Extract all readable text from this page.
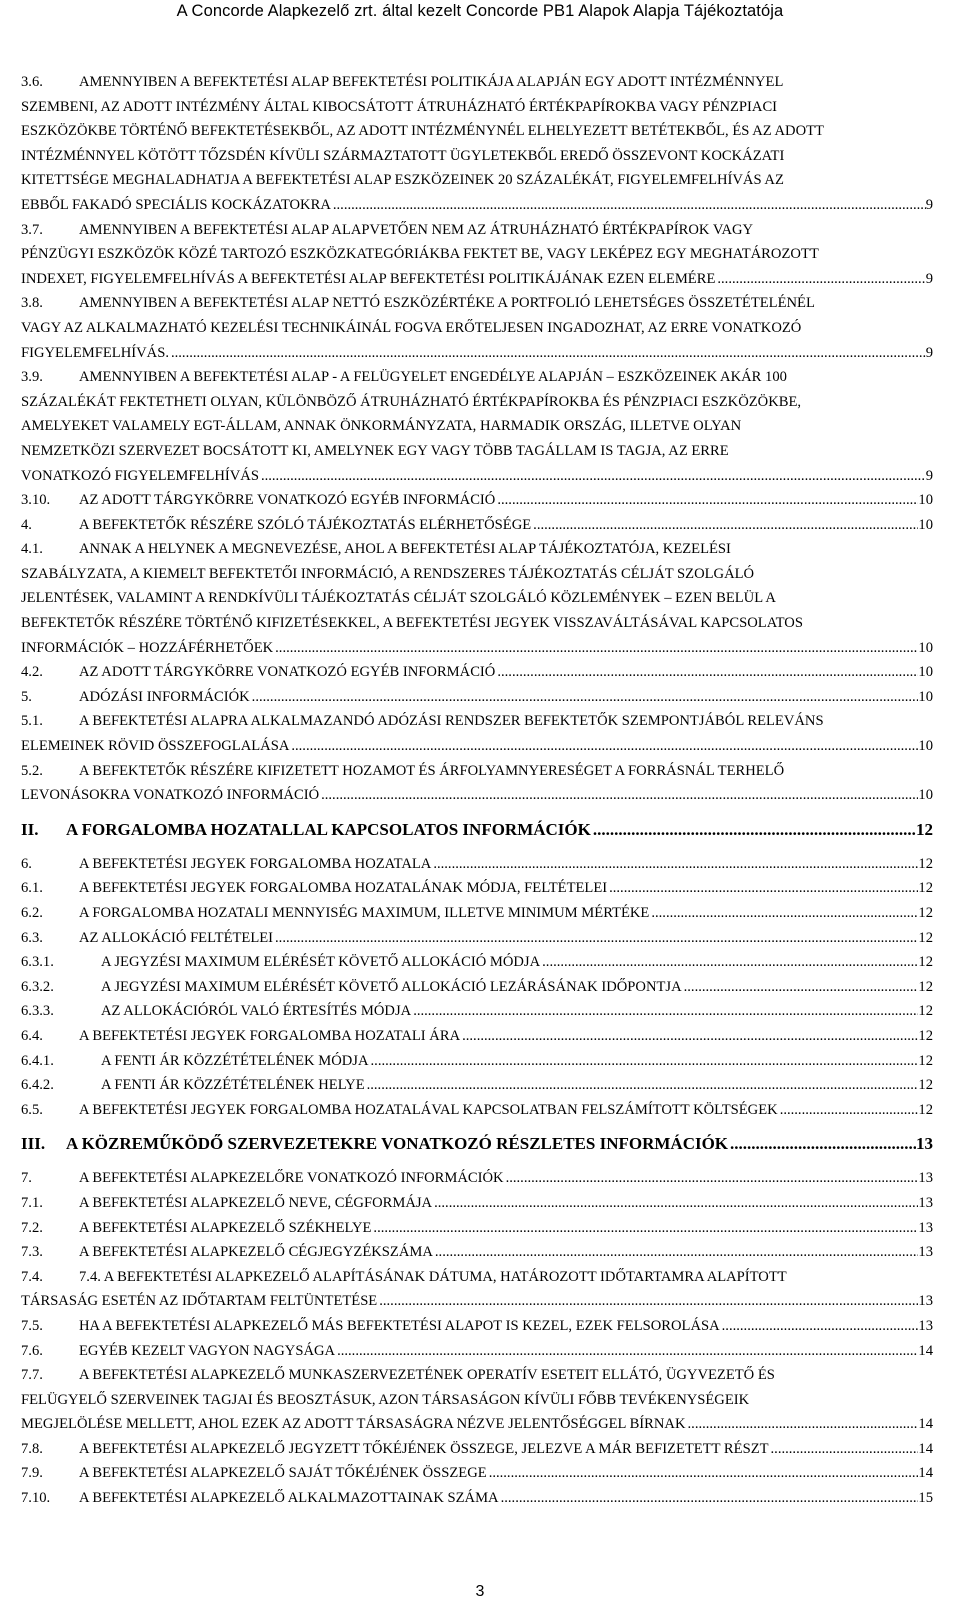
A Concorde Alapkezelő zrt. által kezelt Concorde PB1 Alapok Alapja Tájékoztatója
3.6.	AMENNYIBEN A BEFEKTETÉSI ALAP BEFEKTETÉSI POLITIKÁJA ALAPJÁN EGY ADOTT INTÉZMÉNNYEL
SZEMBENI, AZ ADOTT INTÉZMÉNY ÁLTAL KIBOCSÁTOTT ÁTRUHÁZHATÓ ÉRTÉKPAPÍROKBA VAGY PÉNZPIACI
ESZKÖZÖKBE TÖRTÉNŐ BEFEKTETÉSEKBŐL, AZ ADOTT INTÉZMÉNYNÉL ELHELYEZETT BETÉTEKBŐL, ÉS AZ ADOTT
INTÉZMÉNNYEL KÖTÖTT TŐZSDÉN KÍVÜLI SZÁRMAZTATOTT ÜGYLETEKBŐL EREDŐ ÖSSZEVONT KOCKÁZATI
KITETTSÉGE MEGHALADHATJA A BEFEKTETÉSI ALAP ESZKÖZEINEK 20 SZÁZALÉKÁT, FIGYELEMFELHÍVÁS AZ
EBBŐL FAKADÓ SPECIÁLIS KOCKÁZATOKRA .....	9
3.7.	AMENNYIBEN A BEFEKTETÉSI ALAP ALAPVETŐEN NEM AZ ÁTRUHÁZHATÓ ÉRTÉKPAPÍROK VAGY
PÉNZÜGYI ESZKÖZÖK KÖZÉ TARTOZÓ ESZKÖZKATEGÓRIÁKBA FEKTET BE, VAGY LEKÉPEZ EGY MEGHATÁROZOTT
INDEXET, FIGYELEMFELHÍVÁS A BEFEKTETÉSI ALAP BEFEKTETÉSI POLITIKÁJÁNAK EZEN ELEMÉRE .....	9
3.8.	AMENNYIBEN A BEFEKTETÉSI ALAP NETTÓ ESZKÖZÉRTÉKE A PORTFOLIÓ LEHETSÉGES ÖSSZETÉTELÉNÉL
VAGY AZ ALKALMAZHATÓ KEZELÉSI TECHNIKÁINÁL FOGVA ERŐTELJESEN INGADOZHAT, AZ ERRE VONATKOZÓ
FIGYELEMFELHÍVÁS. .....	9
3.9.	AMENNYIBEN A BEFEKTETÉSI ALAP - A FELÜGYELET ENGEDÉLYE ALAPJÁN – ESZKÖZEINEK AKÁR 100
SZÁZALÉKÁT FEKTETHETI OLYAN, KÜLÖNBÖZŐ ÁTRUHÁZHATÓ ÉRTÉKPAPÍROKBA ÉS PÉNZPIACI ESZKÖZÖKBE,
AMELYEKET VALAMELY EGT-ÁLLAM, ANNAK ÖNKORMÁNYZATA, HARMADIK ORSZÁG, ILLETVE OLYAN
NEMZETKÖZI SZERVEZET BOCSÁTOTT KI, AMELYNEK EGY VAGY TÖBB TAGÁLLAM IS TAGJA, AZ ERRE
VONATKOZÓ FIGYELEMFELHÍVÁS .....	9
3.10.	AZ ADOTT TÁRGYKÖRRE VONATKOZÓ EGYÉB INFORMÁCIÓ .....	10
4.	A BEFEKTETŐK RÉSZÉRE SZÓLÓ TÁJÉKOZTATÁS ELÉRHETŐSÉGE .....	10
4.1.	ANNAK A HELYNEK A MEGNEVEZÉSE, AHOL A BEFEKTETÉSI ALAP TÁJÉKOZTATÓJA, KEZELÉSI
SZABÁLYZATA, A KIEMELT BEFEKTETŐI INFORMÁCIÓ, A RENDSZERES TÁJÉKOZTATÁS CÉLJÁT SZOLGÁLÓ
JELENTÉSEK, VALAMINT A RENDKÍVÜLI TÁJÉKOZTATÁS CÉLJÁT SZOLGÁLÓ KÖZLEMÉNYEK – EZEN BELÜL A
BEFEKTETŐK RÉSZÉRE TÖRTÉNŐ KIFIZETÉSEKKEL, A BEFEKTETÉSI JEGYEK VISSZAVÁLTÁSÁVAL KAPCSOLATOS
INFORMÁCIÓK – HOZZÁFÉRHETŐEK .....	10
4.2.	AZ ADOTT TÁRGYKÖRRE VONATKOZÓ EGYÉB INFORMÁCIÓ .....	10
5.	ADÓZÁSI INFORMÁCIÓK .....	10
5.1.	A BEFEKTETÉSI ALAPRA ALKALMAZANDÓ ADÓZÁSI RENDSZER BEFEKTETŐK SZEMPONTJÁBÓL RELEVÁNS
ELEMEINEK RÖVID ÖSSZEFOGLALÁSA .....	10
5.2.	A BEFEKTETŐK RÉSZÉRE KIFIZETETT HOZAMOT ÉS ÁRFOLYAMNYERESÉGET A FORRÁSNÁL TERHELŐ
LEVONÁSOKRA VONATKOZÓ INFORMÁCIÓ .....	10
II.	A FORGALOMBA HOZATALLAL KAPCSOLATOS INFORMÁCIÓK .....	12
6.	A BEFEKTETÉSI JEGYEK FORGALOMBA HOZATALA .....	12
6.1.	A BEFEKTETÉSI JEGYEK FORGALOMBA HOZATALÁNAK MÓDJA, FELTÉTELEI .....	12
6.2.	A FORGALOMBA HOZATALI MENNYISÉG MAXIMUM, ILLETVE MINIMUM MÉRTÉKE .....	12
6.3.	AZ ALLOKÁCIÓ FELTÉTELEI .....	12
6.3.1.	A JEGYZÉSI MAXIMUM ELÉRÉSÉT KÖVETŐ ALLOKÁCIÓ MÓDJA .....	12
6.3.2.	A JEGYZÉSI MAXIMUM ELÉRÉSÉT KÖVETŐ ALLOKÁCIÓ LEZÁRÁSÁNAK IDŐPONTJA .....	12
6.3.3.	AZ ALLOKÁCIÓRÓL VALÓ ÉRTESÍTÉS MÓDJA .....	12
6.4.	A BEFEKTETÉSI JEGYEK FORGALOMBA HOZATALI ÁRA .....	12
6.4.1.	A FENTI ÁR KÖZZÉTÉTELÉNEK MÓDJA .....	12
6.4.2.	A FENTI ÁR KÖZZÉTÉTELÉNEK HELYE .....	12
6.5.	A BEFEKTETÉSI JEGYEK FORGALOMBA HOZATALÁVAL KAPCSOLATBAN FELSZÁMÍTOTT KÖLTSÉGEK .....	12
III.	A KÖZREMŰKÖDŐ SZERVEZETEKRE VONATKOZÓ RÉSZLETES INFORMÁCIÓK .....	13
7.	A BEFEKTETÉSI ALAPKEZELŐRE VONATKOZÓ INFORMÁCIÓK .....	13
7.1.	A BEFEKTETÉSI ALAPKEZELŐ NEVE, CÉGFORMÁJA .....	13
7.2.	A BEFEKTETÉSI ALAPKEZELŐ SZÉKHELYE .....	13
7.3.	A BEFEKTETÉSI ALAPKEZELŐ CÉGJEGYZÉKSZÁMA .....	13
7.4.	7.4. A BEFEKTETÉSI ALAPKEZELŐ ALAPÍTÁSÁNAK DÁTUMA, HATÁROZOTT IDŐTARTAMRA ALAPÍTOTT
TÁRSASÁG ESETÉN AZ IDŐTARTAM FELTÜNTETÉSE .....	13
7.5.	HA A BEFEKTETÉSI ALAPKEZELŐ MÁS BEFEKTETÉSI ALAPOT IS KEZEL, EZEK FELSOROLÁSA .....	13
7.6.	EGYÉB KEZELT VAGYON NAGYSÁGA .....	14
7.7.	A BEFEKTETÉSI ALAPKEZELŐ MUNKASZERVEZETÉNEK OPERATÍV ESETEIT ELLÁTÓ, ÜGYVEZETŐ ÉS
FELÜGYELŐ SZERVEINEK TAGJAI ÉS BEOSZTÁSUK, AZON TÁRSASÁGON KÍVÜLI FŐBB TEVÉKENYSÉGEIK
MEGJELÖLÉSE MELLETT, AHOL EZEK AZ ADOTT TÁRSASÁGRA NÉZVE JELENTŐSÉGGEL BÍRNAK .....	14
7.8.	A BEFEKTETÉSI ALAPKEZELŐ JEGYZETT TŐKÉJÉNEK ÖSSZEGE, JELEZVE A MÁR BEFIZETETT RÉSZT .....	14
7.9.	A BEFEKTETÉSI ALAPKEZELŐ SAJÁT TŐKÉJÉNEK ÖSSZEGE .....	14
7.10.	A BEFEKTETÉSI ALAPKEZELŐ ALKALMAZOTTAINAK SZÁMA .....	15
3
